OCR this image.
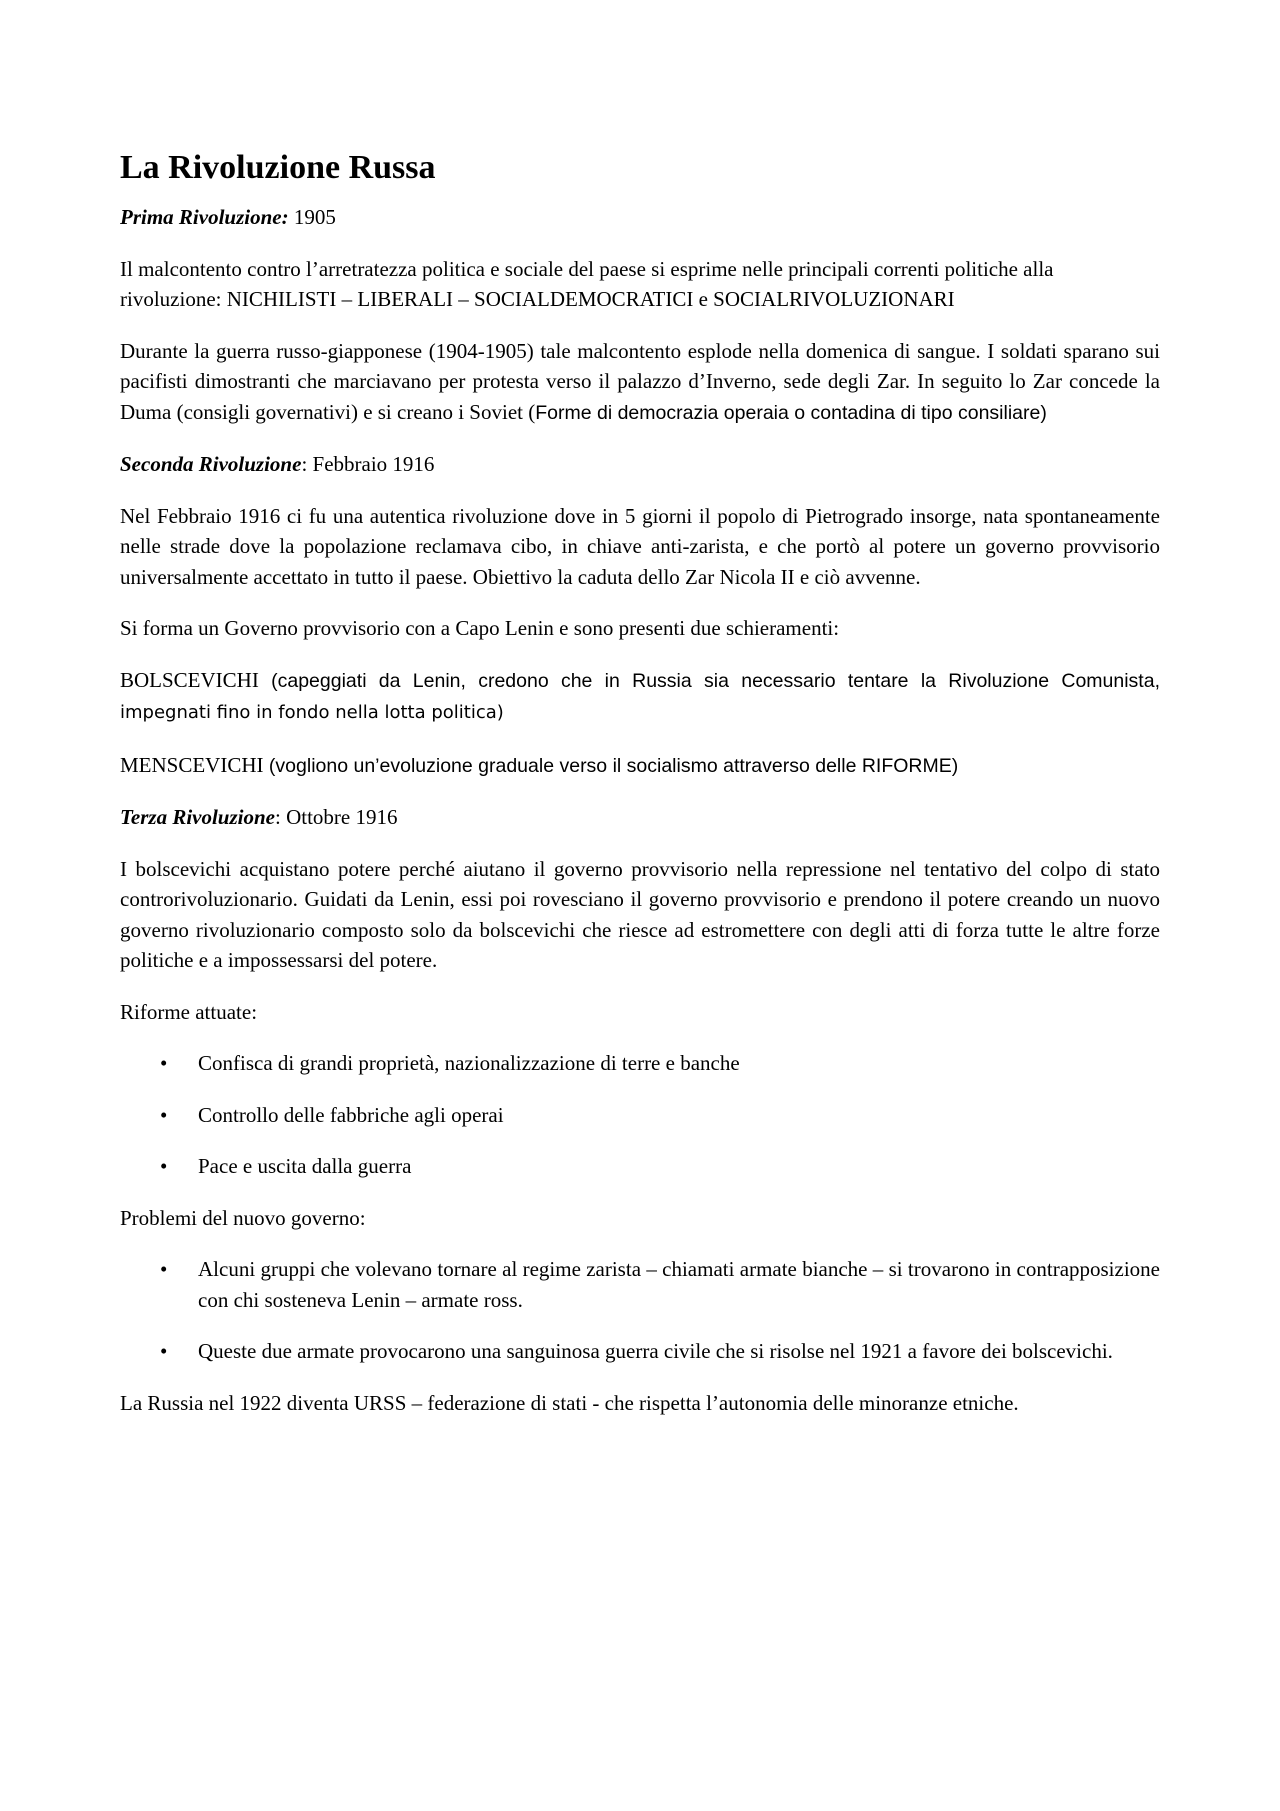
La Rivoluzione Russa

Prima Rivoluzione: 1905

Il malcontento contro l’arretratezza politica e sociale del paese si esprime nelle principali correnti politiche alla rivoluzione: NICHILISTI – LIBERALI – SOCIALDEMOCRATICI e SOCIALRIVOLUZIONARI

Durante la guerra russo-giapponese (1904-1905) tale malcontento esplode nella domenica di sangue. I soldati sparano sui pacifisti dimostranti che marciavano per protesta verso il palazzo d’Inverno, sede degli Zar. In seguito lo Zar concede la Duma (consigli governativi) e si creano i Soviet (Forme di democrazia operaia o contadina di tipo consiliare)

Seconda Rivoluzione: Febbraio 1916

Nel Febbraio 1916 ci fu una autentica rivoluzione dove in 5 giorni il popolo di Pietrogrado insorge, nata spontaneamente nelle strade dove la popolazione reclamava cibo, in chiave anti-zarista, e che portò al potere un governo provvisorio universalmente accettato in tutto il paese. Obiettivo la caduta dello Zar Nicola II e ciò avvenne.

Si forma un Governo provvisorio con a Capo Lenin e sono presenti due schieramenti:

BOLSCEVICHI (capeggiati da Lenin, credono che in Russia sia necessario tentare la Rivoluzione Comunista, impegnati fino in fondo nella lotta politica)

MENSCEVICHI (vogliono un’evoluzione graduale verso il socialismo attraverso delle RIFORME)

Terza Rivoluzione: Ottobre 1916

I bolscevichi acquistano potere perché aiutano il governo provvisorio nella repressione nel tentativo del colpo di stato controrivoluzionario. Guidati da Lenin, essi poi rovesciano il governo provvisorio e prendono il potere creando un nuovo governo rivoluzionario composto solo da bolscevichi che riesce ad estromettere con degli atti di forza tutte le altre forze politiche e a impossessarsi del potere.

Riforme attuate:

• Confisca di grandi proprietà, nazionalizzazione di terre e banche
• Controllo delle fabbriche agli operai
• Pace e uscita dalla guerra

Problemi del nuovo governo:

• Alcuni gruppi che volevano tornare al regime zarista – chiamati armate bianche – si trovarono in contrapposizione con chi sosteneva Lenin – armate ross.
• Queste due armate provocarono una sanguinosa guerra civile che si risolse nel 1921 a favore dei bolscevichi.

La Russia nel 1922 diventa URSS – federazione di stati - che rispetta l’autonomia delle minoranze etniche.
